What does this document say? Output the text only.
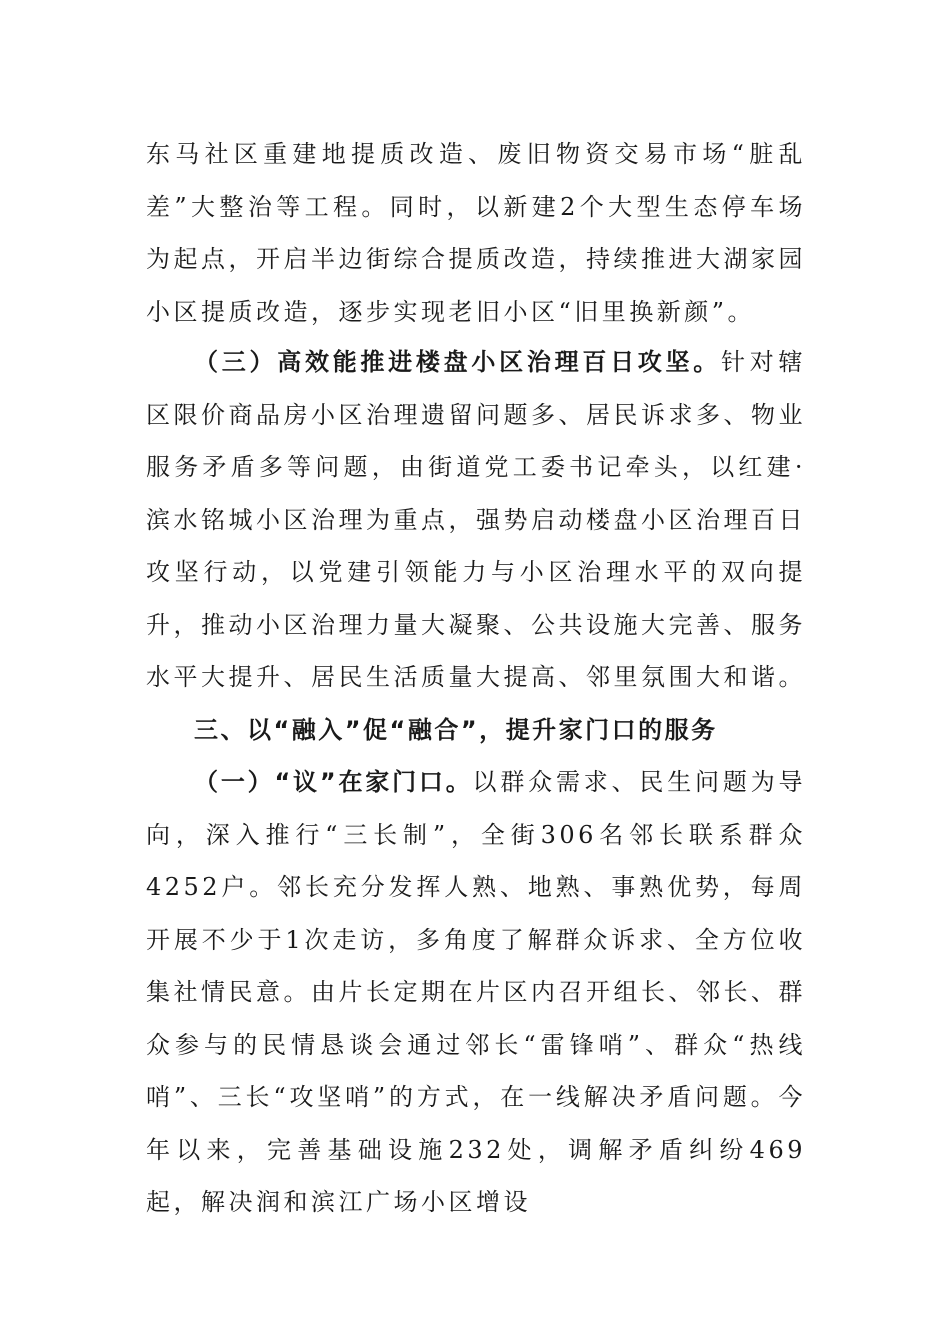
东马社区重建地提质改造、废旧物资交易市场“脏乱差”大整治等工程。同时，以新建2个大型生态停车场为起点，开启半边街综合提质改造，持续推进大湖家园小区提质改造，逐步实现老旧小区“旧里换新颜”。

（三）高效能推进楼盘小区治理百日攻坚。针对辖区限价商品房小区治理遗留问题多、居民诉求多、物业服务矛盾多等问题，由街道党工委书记牵头，以红建·滨水铭城小区治理为重点，强势启动楼盘小区治理百日攻坚行动，以党建引领能力与小区治理水平的双向提升，推动小区治理力量大凝聚、公共设施大完善、服务水平大提升、居民生活质量大提高、邻里氛围大和谐。

三、以“融入”促“融合”，提升家门口的服务

（一）“议”在家门口。以群众需求、民生问题为导向，深入推行“三长制”，全街306名邻长联系群众4252户。邻长充分发挥人熟、地熟、事熟优势，每周开展不少于1次走访，多角度了解群众诉求、全方位收集社情民意。由片长定期在片区内召开组长、邻长、群众参与的民情恳谈会通过邻长“雷锋哨”、群众“热线哨”、三长“攻坚哨”的方式，在一线解决矛盾问题。今年以来，完善基础设施232处，调解矛盾纠纷469起，解决润和滨江广场小区增设
